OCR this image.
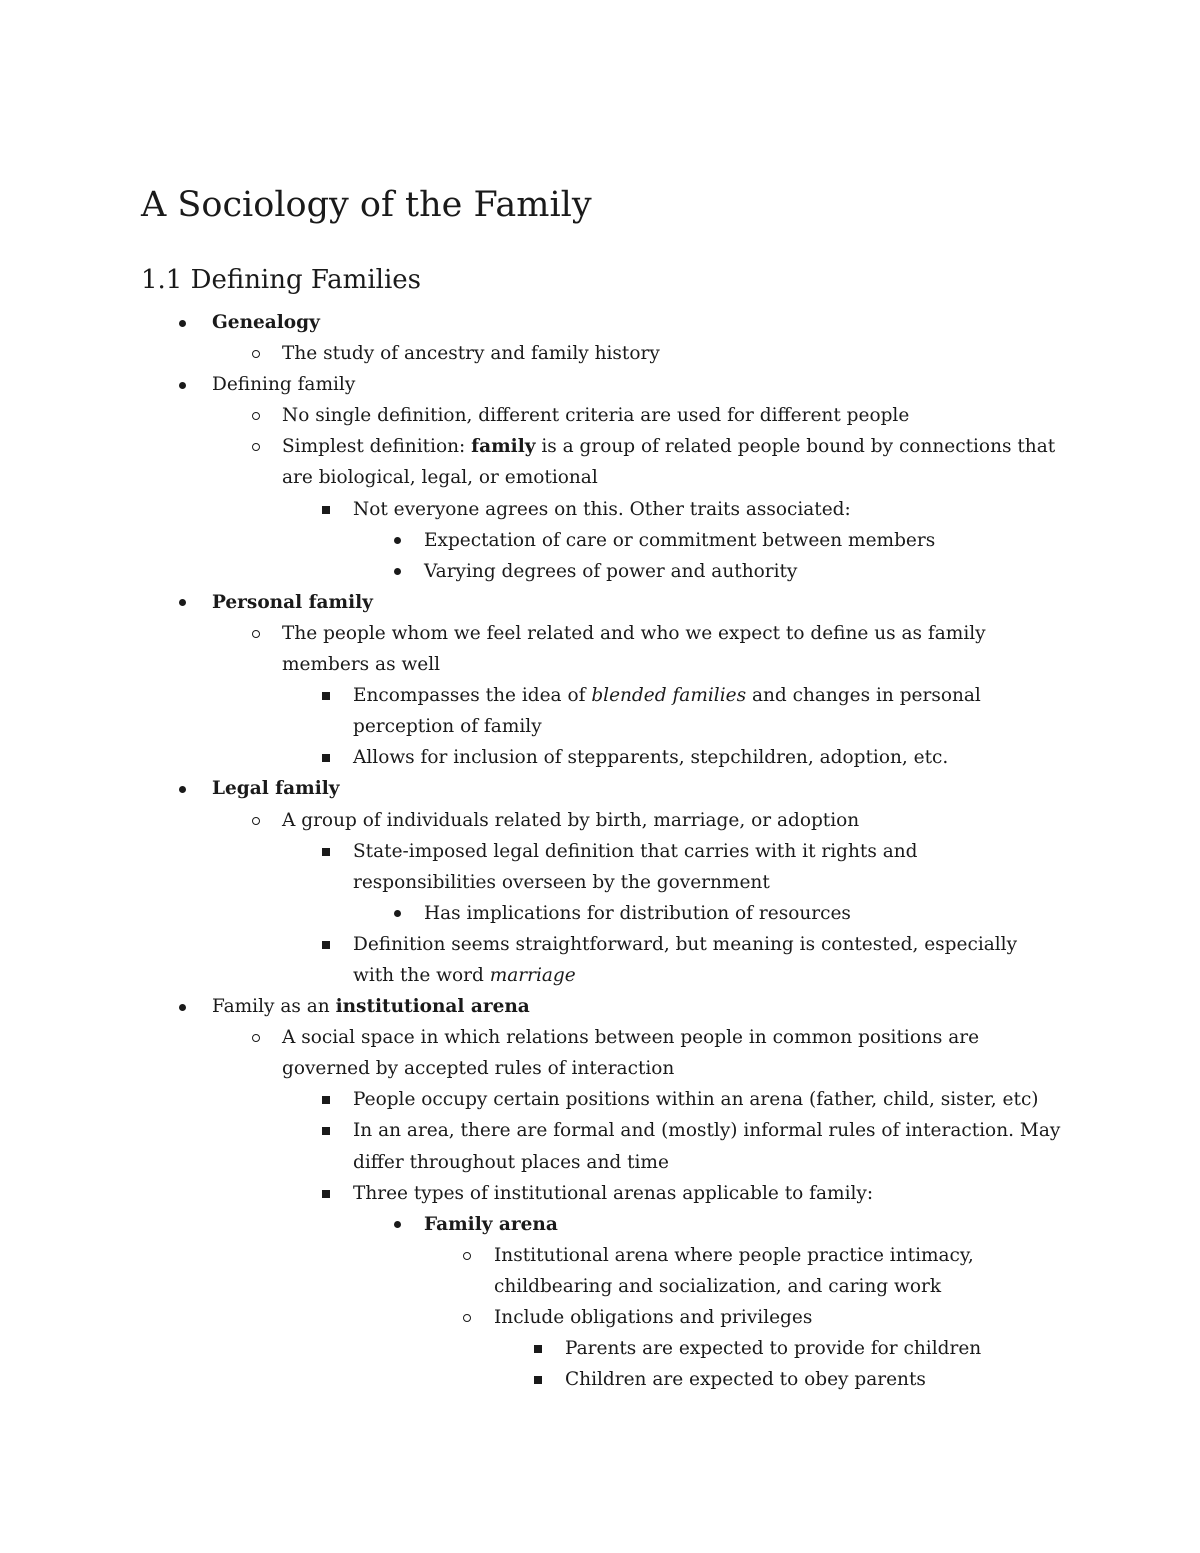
A Sociology of the Family
1.1 Defining Families
Genealogy
The study of ancestry and family history
Defining family
No single definition, different criteria are used for different people
Simplest definition: family is a group of related people bound by connections that
are biological, legal, or emotional
Not everyone agrees on this. Other traits associated:
Expectation of care or commitment between members
Varying degrees of power and authority
Personal family
The people whom we feel related and who we expect to define us as family
members as well
Encompasses the idea of blended families and changes in personal
perception of family
Allows for inclusion of stepparents, stepchildren, adoption, etc.
Legal family
A group of individuals related by birth, marriage, or adoption
State-imposed legal definition that carries with it rights and
responsibilities overseen by the government
Has implications for distribution of resources
Definition seems straightforward, but meaning is contested, especially
with the word marriage
Family as an institutional arena
A social space in which relations between people in common positions are
governed by accepted rules of interaction
People occupy certain positions within an arena (father, child, sister, etc)
In an area, there are formal and (mostly) informal rules of interaction. May
differ throughout places and time
Three types of institutional arenas applicable to family:
Family arena
Institutional arena where people practice intimacy,
childbearing and socialization, and caring work
Include obligations and privileges
Parents are expected to provide for children
Children are expected to obey parents
